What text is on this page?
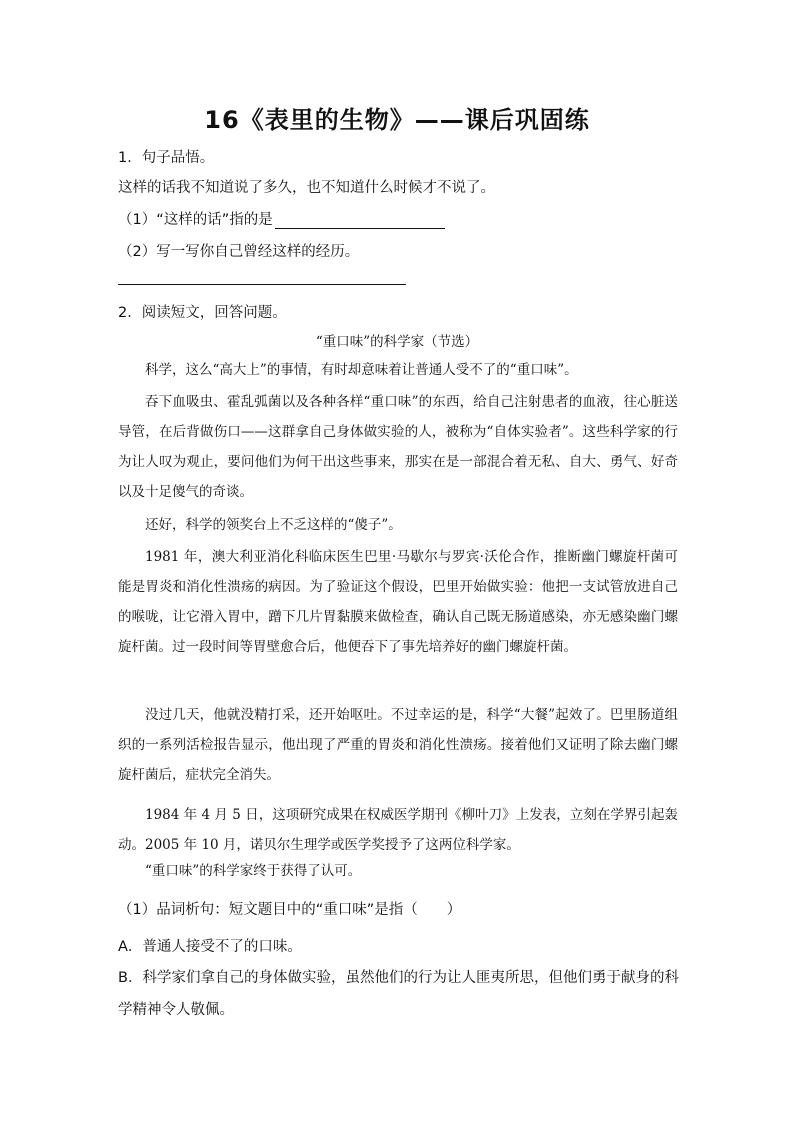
16《表里的生物》——课后巩固练
1．句子品悟。
这样的话我不知道说了多久，也不知道什么时候才不说了。
（1）“这样的话”指的是
（2）写一写你自己曾经这样的经历。
2．阅读短文，回答问题。
“重口味”的科学家（节选）
科学，这么“高大上”的事情，有时却意味着让普通人受不了的“重口味”。
吞下血吸虫、霍乱弧菌以及各种各样“重口味”的东西，给自己注射患者的血液，往心脏送导管，在后背做伤口——这群拿自己身体做实验的人，被称为“自体实验者”。这些科学家的行为让人叹为观止，要问他们为何干出这些事来，那实在是一部混合着无私、自大、勇气、好奇以及十足傻气的奇谈。
还好，科学的领奖台上不乏这样的“傻子”。
1981 年，澳大利亚消化科临床医生巴里·马歇尔与罗宾·沃伦合作，推断幽门螺旋杆菌可能是胃炎和消化性溃疡的病因。为了验证这个假设，巴里开始做实验：他把一支试管放进自己的喉咙，让它滑入胃中，蹭下几片胃黏膜来做检查，确认自己既无肠道感染，亦无感染幽门螺旋杆菌。过一段时间等胃壁愈合后，他便吞下了事先培养好的幽门螺旋杆菌。
没过几天，他就没精打采，还开始呕吐。不过幸运的是，科学“大餐”起效了。巴里肠道组织的一系列活检报告显示，他出现了严重的胃炎和消化性溃疡。接着他们又证明了除去幽门螺旋杆菌后，症状完全消失。
1984 年 4 月 5 日，这项研究成果在权威医学期刊《柳叶刀》上发表，立刻在学界引起轰动。2005 年 10 月，诺贝尔生理学或医学奖授予了这两位科学家。
“重口味”的科学家终于获得了认可。
（1）品词析句：短文题目中的“重口味”是指（　　）
A．普通人接受不了的口味。
B．科学家们拿自己的身体做实验，虽然他们的行为让人匪夷所思，但他们勇于献身的科
学精神令人敬佩。
